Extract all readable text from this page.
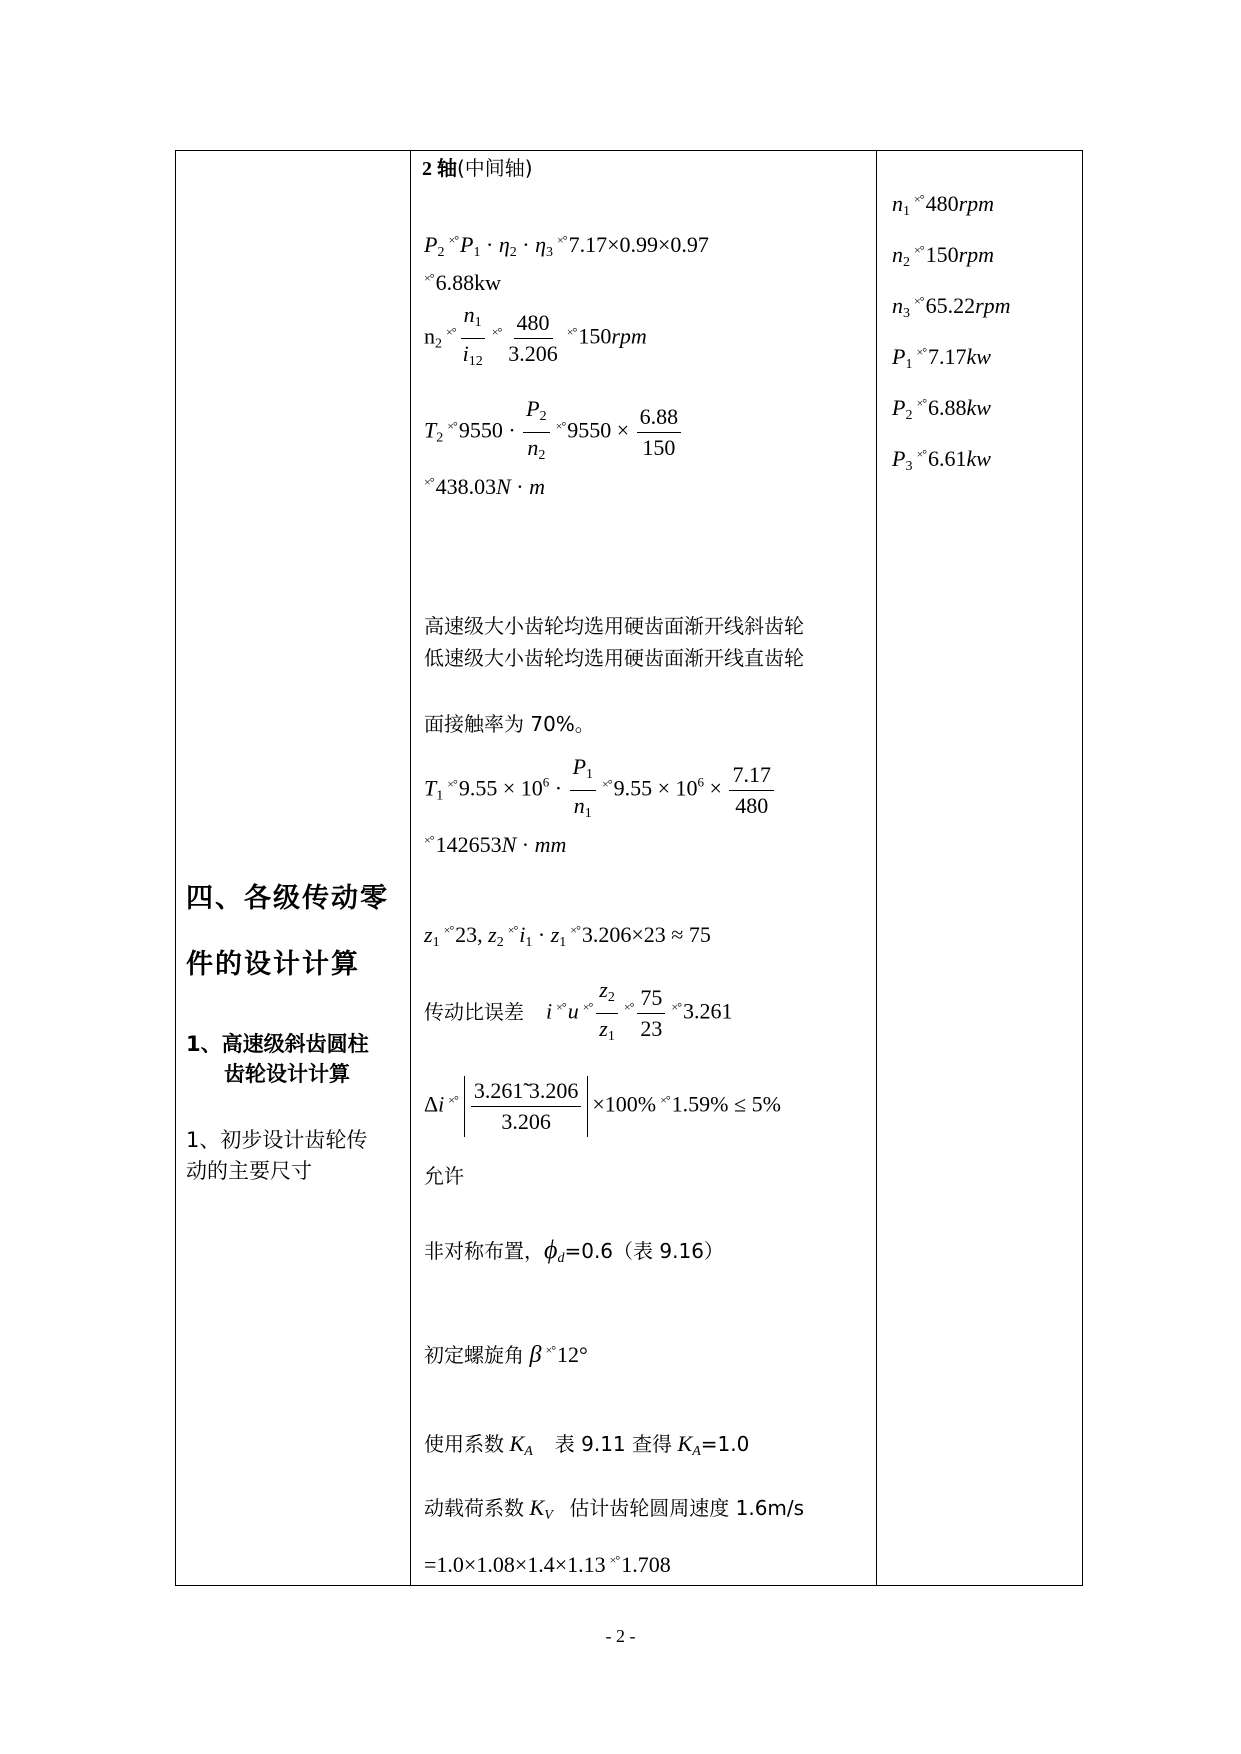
四、各级传动零
件的设计计算
1、高速级斜齿圆柱
齿轮设计计算
1、初步设计齿轮传
动的主要尺寸
2 轴(中间轴)
P2×°P1 · η2 · η3×°7.17×0.99×0.97
×°6.88kw
$n2^{\times^\circ} \frac{n1}{i12} ^{\times^\circ} \frac{480}{3.206} ^{\times^\circ}150rpm$
$T2^{\times^\circ}9550 \cdot \frac{P2}{n2} ^{\times^\circ}9550 \times \frac{6.88}{150}$
×°438.03N · m
高速级大小齿轮均选用硬齿面渐开线斜齿轮
低速级大小齿轮均选用硬齿面渐开线直齿轮
面接触率为 70%。
$T1^{\times^\circ}9.55 \times 10^6 \cdot \frac{P1}{n1} ^{\times^\circ}9.55 \times 10^6 \times \frac{7.17}{480}$
×°142653N · mm
z1×°23, z2×°i1 · z1×°3.206×23 ≈ 75
传动比误差 i ×°u $^{\times^\circ} \frac{z2}{z1} ^{\times^\circ} \frac{75}{23} ^{\times^\circ}3.261$
Δi $^{\times^\circ} \frac{3.261̃ 3.206}{3.206} \times 100\%$ ×°1.59% ≤ 5%
允许
非对称布置，ϕd=0.6（表 9.16）
初定螺旋角 β ×°12°
使用系数 KA 表 9.11 查得 KA=1.0
动载荷系数 KV 估计齿轮圆周速度 1.6m/s
=1.0×1.08×1.4×1.13 ×°1.708
n1×°480rpm
n2×°150rpm
n3×°65.22rpm
P1×°7.17kw
P2×°6.88kw
P3×°6.61kw
- 2 -
